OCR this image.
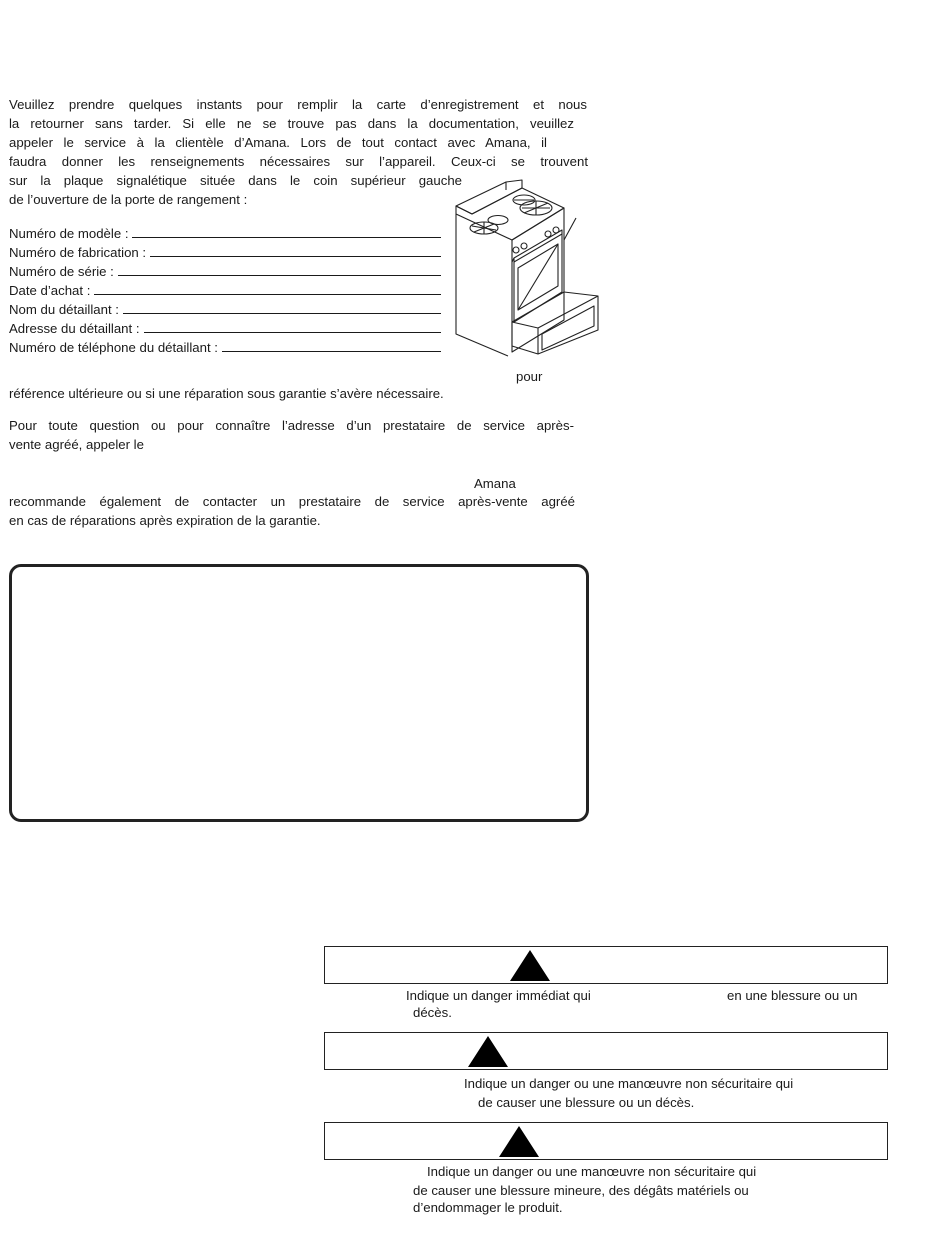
Veuillez prendre quelques instants pour remplir la carte d’enregistrement et nous
la retourner sans tarder. Si elle ne se trouve pas dans la documentation, veuillez
appeler le service à la clientèle d’Amana. Lors de tout contact avec Amana, il
faudra donner les renseignements nécessaires sur l’appareil. Ceux-ci se trouvent
sur la plaque signalétique située dans le coin supérieur gauche
de l’ouverture de la porte de rangement :
Numéro de modèle :
Numéro de fabrication :
Numéro de série :
Date d’achat :
Nom du détaillant :
Adresse du détaillant :
Numéro de téléphone du détaillant :
pour
référence ultérieure ou si une réparation sous garantie s’avère nécessaire.
Pour toute question ou pour connaître l’adresse d’un prestataire de service après-
vente agréé, appeler le
Amana
recommande également de contacter un prestataire de service après-vente agréé
en cas de réparations après expiration de la garantie.
Indique un danger immédiat qui	en une blessure ou un
décès.
Indique un danger ou une manœuvre non sécuritaire qui
de causer une blessure ou un décès.
Indique un danger ou une manœuvre non sécuritaire qui
de causer une blessure mineure, des dégâts matériels ou
d’endommager le produit.
